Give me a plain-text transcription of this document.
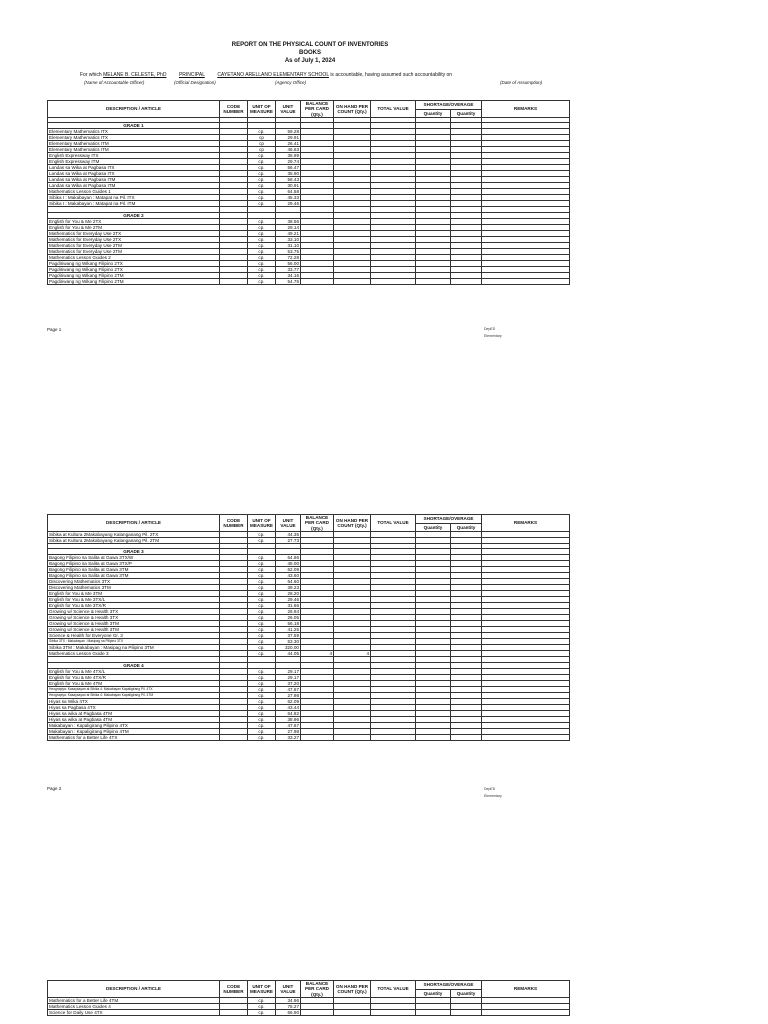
REPORT ON THE PHYSICAL COUNT OF INVENTORIES
BOOKS
As of July 1, 2024
For which MELANE B. CELESTE, PhD	PRINCIPAL	CAYETANO ARELLANO ELEMENTARY SCHOOL is accountable, having assumed such accountability on
(Name of Accountable Officer)	(Official Designation)	(Agency Office)	(Date of Assumption)
DESCRIPTION / ARTICLE	CODE NUMBER	UNIT OF MEASURE	UNIT VALUE	BALANCE PER CARD (Qty.)	ON HAND PER COUNT (Qty.)	TOTAL VALUE	SHORTAGE/OVERAGE		REMARKS
							Quantity	Quantity	

GRADE 1									
Elementary Mathematics ITX		cp.	59.28						
Elementary Mathematics ITX		cp	29.91						
Elementary Mathematics ITM		cp	26.41						
Elementary Mathematics ITM		cp	46.63						
English Expressway ITX		cp.	35.99						
English Expressway ITM		cp.	29.74						
Landas sa Wika at Pagbasa ITX		cp.	56.47						
Landas sa Wika at Pagbasa ITX		cp.	35.90						
Landas sa Wika at Pagbasa ITM		cp.	58.43						
Landas sa Wika at Pagbasa ITM		cp.	30.91						
Mathematics Lesson Guides 1		cp.	64.58						
Sibika I : Makabayan : Matapat na Pil. ITX		cp.	45.33						
Sibika I : Makabayan : Matapat na Pil. ITM		cp.	29.46						

GRADE 2									
English for You & Me 2TX		cp.	38.56						
English for You & Me 2TM		cp.	29.14						
Mathematics for Everyday Use 2TX		cp.	49.21						
Mathematics for Everyday Use 2TX		cp.	33.10						
Mathematics for Everyday Use 2TM		cp.	31.10						
Mathematics for Everyday Use 2TM		cp.	53.75						
Mathematics Lesson Guides 2		cp.	72.28						
Pagdiriwang ng Wikang Filipino 2TX		cp.	56.00						
Pagdiriwang ng Wikang Filipino 2TX		cp.	33.77						
Pagdiriwang ng Wikang Filipino 2TM		cp.	34.16						
Pagdiriwang ng Wikang Filipino 2TM		cp.	54.76						
Page 1	DepED
Elementary
DESCRIPTION / ARTICLE	CODE NUMBER	UNIT OF MEASURE	UNIT VALUE	BALANCE PER CARD (Qty.)	ON HAND PER COUNT (Qty.)	TOTAL VALUE	SHORTAGE/OVERAGE		REMARKS
							Quantity	Quantity	
Sibika at Kultura 2Makabayang Kalanganang Pil. 2TX		cp.	44.35						
Sibika at Kultura 2Makabayang Kalanganang Pil. 2TM		cp.	27.73						

GRADE 3									
Bagong Filipino sa Salita at Gawa 3TX/W		cp.	64.86						
Bagong Filipino sa Salita at Gawa 3TX/P		cp.	45.00						
Bagong Filipino sa Salita at Gawa 3TM		cp.	62.09						
Bagong Filipino sa Salita at Gawa 3TM		cp.	43.60						
Discovering Mathematics 3TX		cp.	64.60						
Discovering Mathematics 3TM		cp.	39.23						
English for You & Me 3TM		cp.	28.20						
English for You & Me 3TX/L		cp.	29.46						
English for You & Me 3TX/R		cp.	31.66						
Growing w/ Science & Health 3TX		cp.	26.94						
Growing w/ Science & Health 3TX		cp.	26.05						
Growing w/ Science & Health 3TM		cp.	56.18						
Growing w/ Science & Health 3TM		cp.	41.25						
Science & Health for Everyone Gr. 3		cp.	37.59						
Sibika 3TX : Makabayan : Masipag na Pilipino 3TX		cp.	53.30						
Sibika 3TM : Makabayan : Masipag na Pilipino 3TM		cp.	320.00						
Mathematics Lesson Guide 3		cp.	44.05	4	4				

GRADE 4									
English for You & Me 4TX/L		cp.	29.17						
English for You & Me 4TX/R		cp.	29.17						
English for You & Me 4TM		cp.	37.20						
Heograpiya: Kasaysayan at Sibika 4: Makabayan Kapaligirang Pil. 4TX		cp.	47.67						
Heograpiya: Kasaysayan at Sibika 4: Makabayan Kapaligirang Pil. 4TM		cp.	27.98						
Hiyas sa Wika 4TX		cp.	62.09						
Hiyas sa Pagbasa 4TX		cp.	43.44						
Hiyas sa wika at Pagbasa 4TM		cp.	64.82						
Hiyas sa wika at Pagbasa 4TM		cp.	38.96						
Makabayan : Kapaligirang Pilipino 4TX		cp.	47.67						
Makabayan : Kapaligirang Pilipino 4TM		cp.	27.98						
Mathematics for a Better Life 4TX		cp.	33.27						
Page 2	DepED
Elementary
DESCRIPTION / ARTICLE	CODE NUMBER	UNIT OF MEASURE	UNIT VALUE	BALANCE PER CARD (Qty.)	ON HAND PER COUNT (Qty.)	TOTAL VALUE	SHORTAGE/OVERAGE		REMARKS
							Quantity	Quantity	
Mathematics for a Better Life 4TM		cp.	34.96						
Mathematics Lesson Guides 4		cp.	75.27						
Science for Daily Use 4TX		cp.	66.90						
